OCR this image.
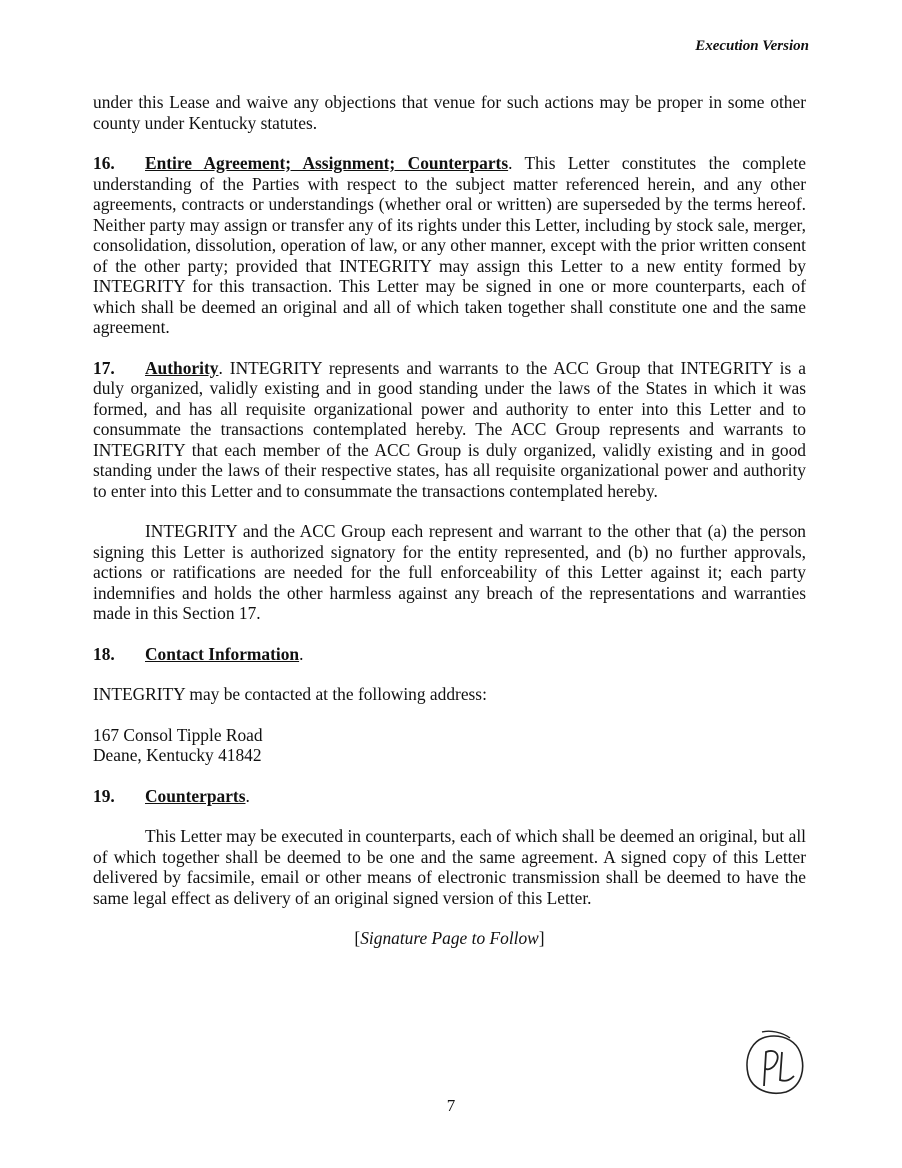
Execution Version

under this Lease and waive any objections that venue for such actions may be proper in some other county under Kentucky statutes.

16. Entire Agreement; Assignment; Counterparts. This Letter constitutes the complete understanding of the Parties with respect to the subject matter referenced herein, and any other agreements, contracts or understandings (whether oral or written) are superseded by the terms hereof. Neither party may assign or transfer any of its rights under this Letter, including by stock sale, merger, consolidation, dissolution, operation of law, or any other manner, except with the prior written consent of the other party; provided that INTEGRITY may assign this Letter to a new entity formed by INTEGRITY for this transaction. This Letter may be signed in one or more counterparts, each of which shall be deemed an original and all of which taken together shall constitute one and the same agreement.

17. Authority. INTEGRITY represents and warrants to the ACC Group that INTEGRITY is a duly organized, validly existing and in good standing under the laws of the States in which it was formed, and has all requisite organizational power and authority to enter into this Letter and to consummate the transactions contemplated hereby. The ACC Group represents and warrants to INTEGRITY that each member of the ACC Group is duly organized, validly existing and in good standing under the laws of their respective states, has all requisite organizational power and authority to enter into this Letter and to consummate the transactions contemplated hereby.

INTEGRITY and the ACC Group each represent and warrant to the other that (a) the person signing this Letter is authorized signatory for the entity represented, and (b) no further approvals, actions or ratifications are needed for the full enforceability of this Letter against it; each party indemnifies and holds the other harmless against any breach of the representations and warranties made in this Section 17.

18. Contact Information.

INTEGRITY may be contacted at the following address:

167 Consol Tipple Road
Deane, Kentucky 41842

19. Counterparts.

This Letter may be executed in counterparts, each of which shall be deemed an original, but all of which together shall be deemed to be one and the same agreement. A signed copy of this Letter delivered by facsimile, email or other means of electronic transmission shall be deemed to have the same legal effect as delivery of an original signed version of this Letter.

[Signature Page to Follow]

7
